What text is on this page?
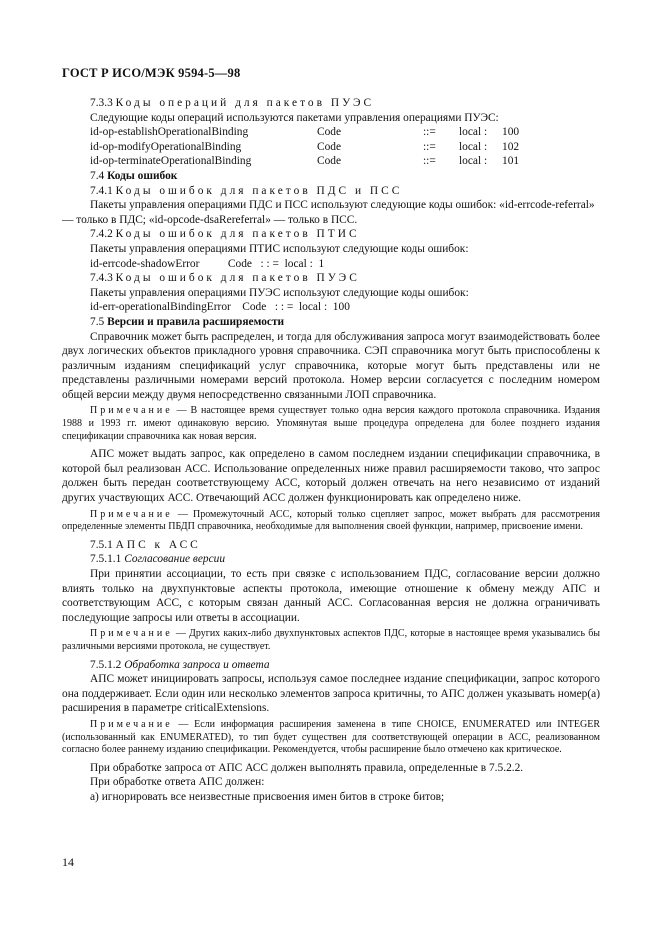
ГОСТ Р ИСО/МЭК 9594-5—98

7.3.3 Коды операций для пакетов ПУЭС

Следующие коды операций используются пакетами управления операциями ПУЭС:

id-op-establishOperationalBinding	Code	::=	local :	100
id-op-modifyOperationalBinding	Code	::=	local :	102
id-op-terminateOperationalBinding	Code	::=	local :	101

7.4 Коды ошибок

7.4.1 Коды ошибок для пакетов ПДС и ПСС

Пакеты управления операциями ПДС и ПСС используют следующие коды ошибок: «id-errcode-referral» — только в ПДС; «id-opcode-dsaRereferral» — только в ПСС.

7.4.2 Коды ошибок для пакетов ПТИС

Пакеты управления операциями ПТИС используют следующие коды ошибок:

id-errcode-shadowError          Code   : : =  local :  1

7.4.3 Коды ошибок для пакетов ПУЭС

Пакеты управления операциями ПУЭС используют следующие коды ошибок:

id-err-operationalBindingError    Code   : : =  local :  100

7.5 Версии и правила расширяемости

Справочник может быть распределен, и тогда для обслуживания запроса могут взаимодействовать более двух логических объектов прикладного уровня справочника. СЭП справочника могут быть приспособлены к различным изданиям спецификаций услуг справочника, которые могут быть представлены или не представлены различными номерами версий протокола. Номер версии согласуется с последним номером общей версии между двумя непосредственно связанными ЛОП справочника.

Примечание — В настоящее время существует только одна версия каждого протокола справочника. Издания 1988 и 1993 гг. имеют одинаковую версию. Упомянутая выше процедура определена для более позднего издания спецификации справочника как новая версия.

АПС может выдать запрос, как определено в самом последнем издании спецификации справочника, в которой был реализован АСС. Использование определенных ниже правил расширяемости таково, что запрос должен быть передан соответствующему АСС, который должен отвечать на него независимо от изданий других участвующих АСС. Отвечающий АСС должен функционировать как определено ниже.

Примечание — Промежуточный АСС, который только сцепляет запрос, может выбрать для рассмотрения определенные элементы ПБДП справочника, необходимые для выполнения своей функции, например, присвоение имени.

7.5.1 АПС к АСС

7.5.1.1 Согласование версии

При принятии ассоциации, то есть при связке с использованием ПДС, согласование версии должно влиять только на двухпунктовые аспекты протокола, имеющие отношение к обмену между АПС и соответствующим АСС, с которым связан данный АСС. Согласованная версия не должна ограничивать последующие запросы или ответы в ассоциации.

Примечание — Других каких-либо двухпунктовых аспектов ПДС, которые в настоящее время указывались бы различными версиями протокола, не существует.

7.5.1.2 Обработка запроса и ответа

АПС может инициировать запросы, используя самое последнее издание спецификации, запрос которого она поддерживает. Если один или несколько элементов запроса критичны, то АПС должен указывать номер(а) расширения в параметре criticalExtensions.

Примечание — Если информация расширения заменена в типе CHOICE, ENUMERATED или INTEGER (использованный как ENUMERATED), то тип будет существен для соответствующей операции в АСС, реализованном согласно более раннему изданию спецификации. Рекомендуется, чтобы расширение было отмечено как критическое.

При обработке запроса от АПС АСС должен выполнять правила, определенные в 7.5.2.2.

При обработке ответа АПС должен:

а) игнорировать все неизвестные присвоения имен битов в строке битов;

14
